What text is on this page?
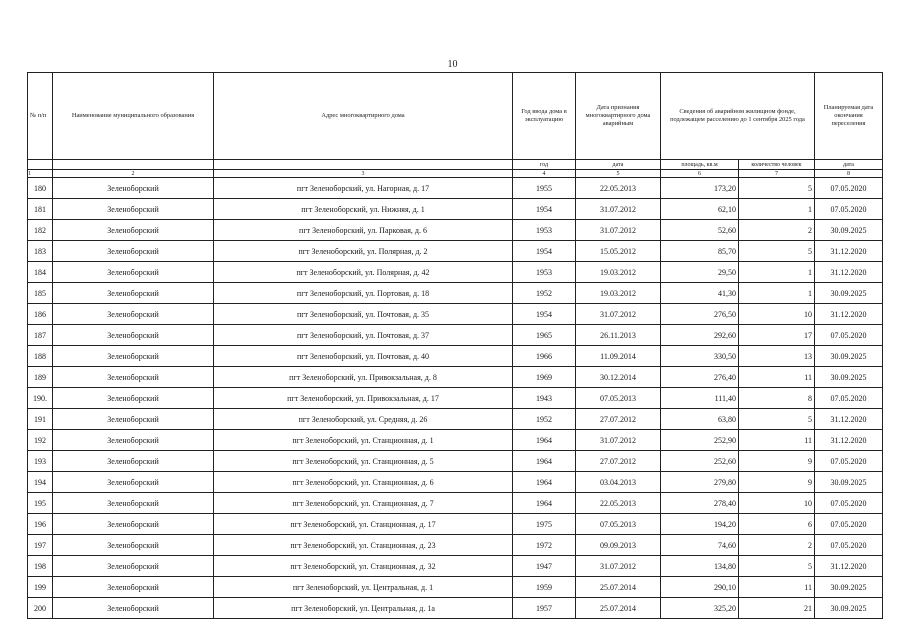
10
№ п/п	Наименование муниципального образования	Адрес многоквартирного дома	Год ввода дома в эксплуатацию	Дата признания многоквартирного дома аварийным	Сведения об аварийном жилищном фонде, подлежащем расселению до 1 сентября 2025 года		Планируемая дата окончания переселения
			год	дата	площадь, кв.м	количество человек	дата
1	2	3	4	5	6	7	8
180	Зеленоборский	пгт Зеленоборский, ул. Нагорная, д. 17	1955	22.05.2013	173,20	5	07.05.2020
181	Зеленоборский	пгт Зеленоборский, ул. Нижняя, д. 1	1954	31.07.2012	62,10	1	07.05.2020
182	Зеленоборский	пгт Зеленоборский, ул. Парковая, д. 6	1953	31.07.2012	52,60	2	30.09.2025
183	Зеленоборский	пгт Зеленоборский, ул. Полярная, д. 2	1954	15.05.2012	85,70	5	31.12.2020
184	Зеленоборский	пгт Зеленоборский, ул. Полярная, д. 42	1953	19.03.2012	29,50	1	31.12.2020
185	Зеленоборский	пгт Зеленоборский, ул. Портовая, д. 18	1952	19.03.2012	41,30	1	30.09.2025
186	Зеленоборский	пгт Зеленоборский, ул. Почтовая, д. 35	1954	31.07.2012	276,50	10	31.12.2020
187	Зеленоборский	пгт Зеленоборский, ул. Почтовая, д. 37	1965	26.11.2013	292,60	17	07.05.2020
188	Зеленоборский	пгт Зеленоборский, ул. Почтовая, д. 40	1966	11.09.2014	330,50	13	30.09.2025
189	Зеленоборский	пгт Зеленоборский, ул. Привокзальная, д. 8	1969	30.12.2014	276,40	11	30.09.2025
190.	Зеленоборский	пгт Зеленоборский, ул. Привокзальная, д. 17	1943	07.05.2013	111,40	8	07.05.2020
191	Зеленоборский	пгт Зеленоборский, ул. Средняя, д. 26	1952	27.07.2012	63,80	5	31.12.2020
192	Зеленоборский	пгт Зеленоборский, ул. Станционная, д. 1	1964	31.07.2012	252,90	11	31.12.2020
193	Зеленоборский	пгт Зеленоборский, ул. Станционная, д. 5	1964	27.07.2012	252,60	9	07.05.2020
194	Зеленоборский	пгт Зеленоборский, ул. Станционная, д. 6	1964	03.04.2013	279,80	9	30.09.2025
195	Зеленоборский	пгт Зеленоборский, ул. Станционная, д. 7	1964	22.05.2013	278,40	10	07.05.2020
196	Зеленоборский	пгт Зеленоборский, ул. Станционная, д. 17	1975	07.05.2013	194,20	6	07.05.2020
197	Зеленоборский	пгт Зеленоборский, ул. Станционная, д. 23	1972	09.09.2013	74,60	2	07.05.2020
198	Зеленоборский	пгт Зеленоборский, ул. Станционная, д. 32	1947	31.07.2012	134,80	5	31.12.2020
199	Зеленоборский	пгт Зеленоборский, ул. Центральная, д. 1	1959	25.07.2014	290,10	11	30.09.2025
200	Зеленоборский	пгт Зеленоборский, ул. Центральная, д. 1а	1957	25.07.2014	325,20	21	30.09.2025
